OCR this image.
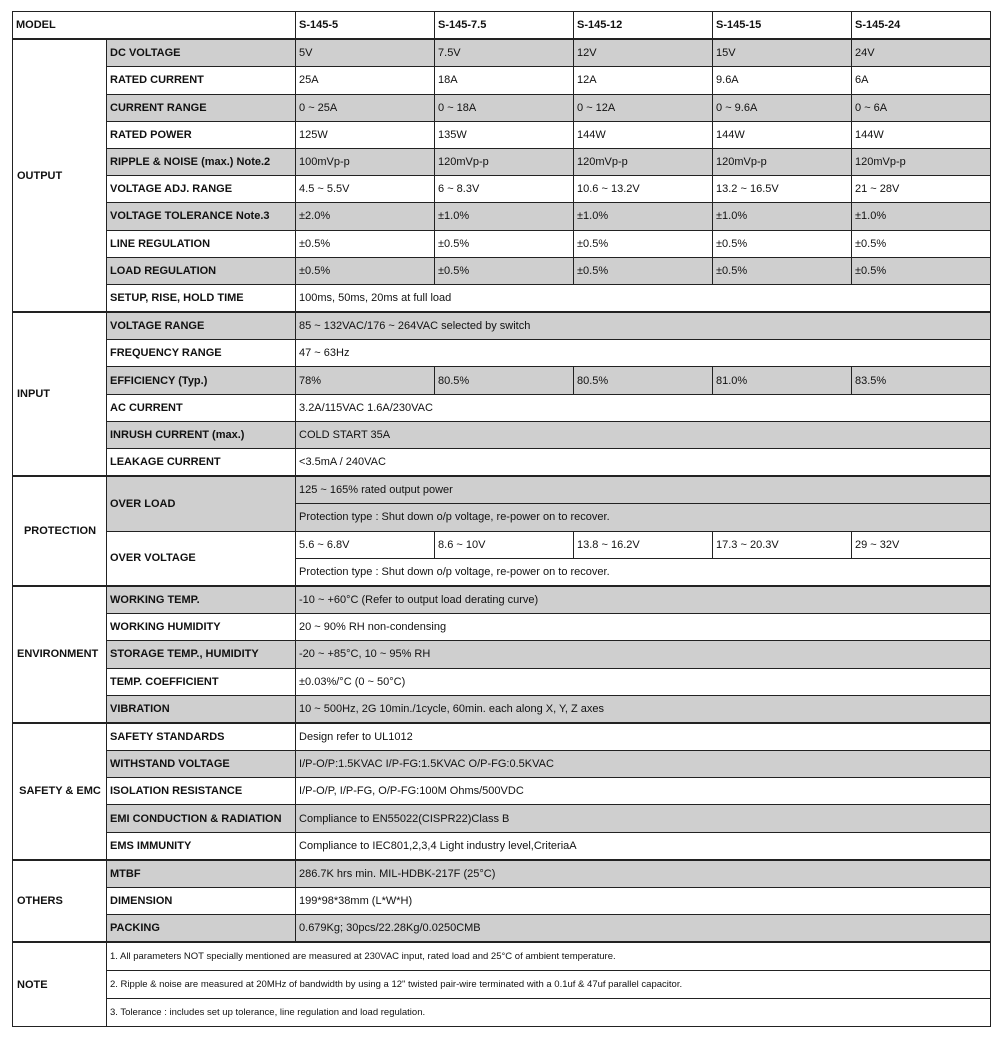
MODEL		S-145-5	S-145-7.5	S-145-12	S-145-15	S-145-24
OUTPUT	DC VOLTAGE	5V	7.5V	12V	15V	24V
	RATED CURRENT	25A	18A	12A	9.6A	6A
	CURRENT RANGE	0 ~ 25A	0 ~ 18A	0 ~ 12A	0 ~ 9.6A	0 ~ 6A
	RATED POWER	125W	135W	144W	144W	144W
	RIPPLE & NOISE (max.) Note.2	100mVp-p	120mVp-p	120mVp-p	120mVp-p	120mVp-p
	VOLTAGE ADJ. RANGE	4.5 ~ 5.5V	6 ~ 8.3V	10.6 ~ 13.2V	13.2 ~ 16.5V	21 ~ 28V
	VOLTAGE TOLERANCE Note.3	±2.0%	±1.0%	±1.0%	±1.0%	±1.0%
	LINE REGULATION	±0.5%	±0.5%	±0.5%	±0.5%	±0.5%
	LOAD REGULATION	±0.5%	±0.5%	±0.5%	±0.5%	±0.5%
	SETUP, RISE, HOLD TIME	100ms, 50ms, 20ms at full load				
INPUT	VOLTAGE RANGE	85 ~ 132VAC/176 ~ 264VAC selected by switch				
	FREQUENCY RANGE	47 ~ 63Hz				
	EFFICIENCY (Typ.)	78%	80.5%	80.5%	81.0%	83.5%
	AC CURRENT	3.2A/115VAC 1.6A/230VAC				
	INRUSH CURRENT (max.)	COLD START 35A				
	LEAKAGE CURRENT	<3.5mA / 240VAC				
PROTECTION	OVER LOAD	125 ~ 165% rated output power				
		Protection type : Shut down o/p voltage, re-power on to recover.				
	OVER VOLTAGE	5.6 ~ 6.8V	8.6 ~ 10V	13.8 ~ 16.2V	17.3 ~ 20.3V	29 ~ 32V
		Protection type : Shut down o/p voltage, re-power on to recover.				
ENVIRONMENT	WORKING TEMP.	-10 ~ +60°C (Refer to output load derating curve)				
	WORKING HUMIDITY	20 ~ 90% RH non-condensing				
	STORAGE TEMP., HUMIDITY	-20 ~ +85°C, 10 ~ 95% RH				
	TEMP. COEFFICIENT	±0.03%/°C (0 ~ 50°C)				
	VIBRATION	10 ~ 500Hz, 2G 10min./1cycle, 60min. each along X, Y, Z axes				
SAFETY & EMC	SAFETY STANDARDS	Design refer to UL1012				
	WITHSTAND VOLTAGE	I/P-O/P:1.5KVAC I/P-FG:1.5KVAC O/P-FG:0.5KVAC				
	ISOLATION RESISTANCE	I/P-O/P, I/P-FG, O/P-FG:100M Ohms/500VDC				
	EMI CONDUCTION & RADIATION	Compliance to EN55022(CISPR22)Class B				
	EMS IMMUNITY	Compliance to IEC801,2,3,4 Light industry level,CriteriaA				
OTHERS	MTBF	286.7K hrs min. MIL-HDBK-217F (25°C)				
	DIMENSION	199*98*38mm (L*W*H)				
	PACKING	0.679Kg; 30pcs/22.28Kg/0.0250CMB				
NOTE	1. All parameters NOT specially mentioned are measured at 230VAC input, rated load and 25°C of ambient temperature.					
	2. Ripple & noise are measured at 20MHz of bandwidth by using a 12" twisted pair-wire terminated with a 0.1uf & 47uf parallel capacitor.					
	3. Tolerance : includes set up tolerance, line regulation and load regulation.					
